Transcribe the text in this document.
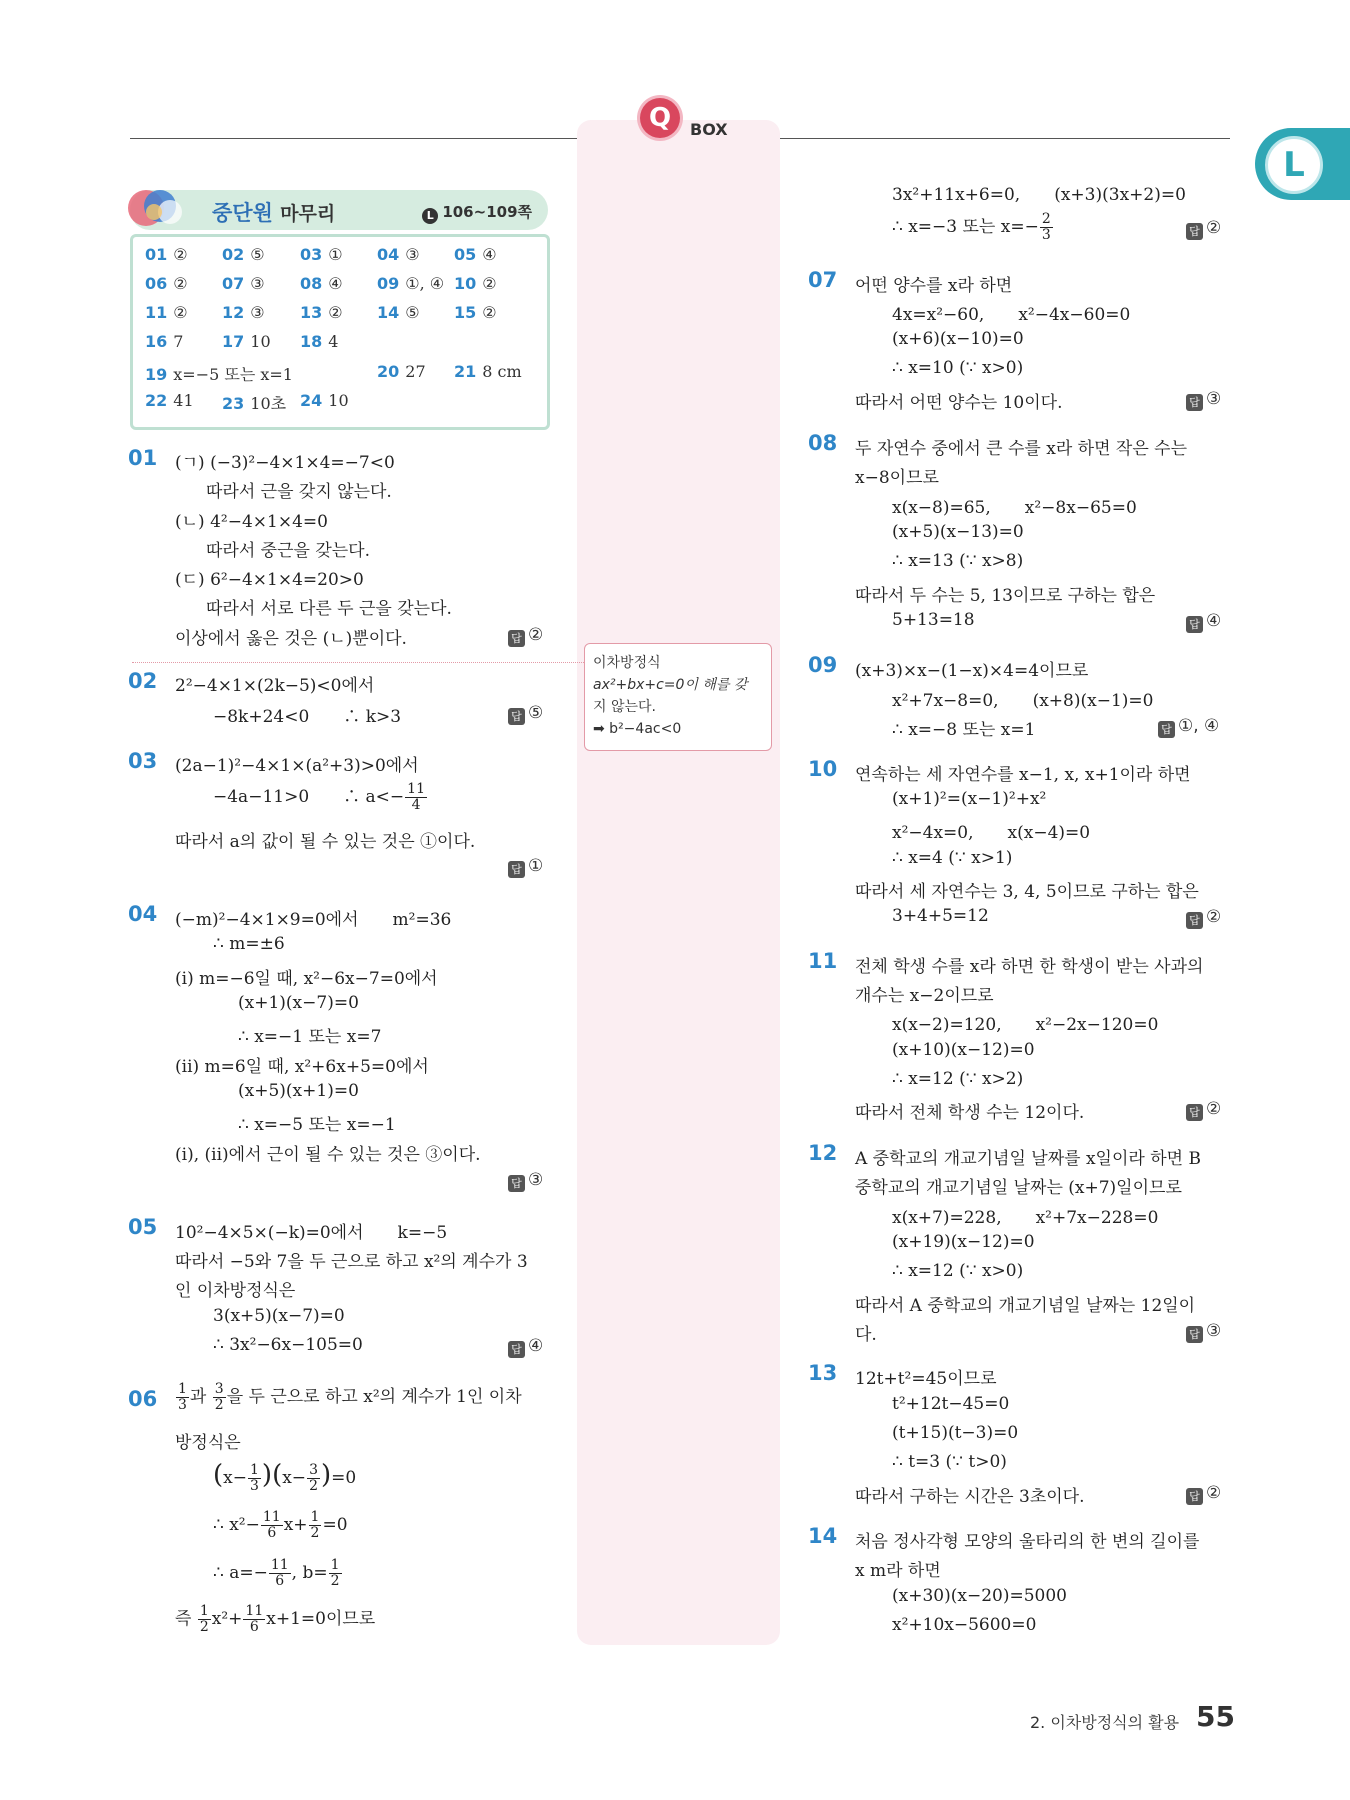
Q	BOX
L
중단원 마무리	L 106~109쪽
01 ② 02 ⑤ 03 ① 04 ③ 05 ④
06 ② 07 ③ 08 ④ 09 ①, ④ 10 ②
11 ② 12 ③ 13 ② 14 ⑤ 15 ②
16 7 17 10 18 4
19 x=−5 또는 x=1	20 27 21 8 cm
22 41 23 10초 24 10
이차방정식
ax²+bx+c=0이 해를 갖
지 않는다.
➡ b²−4ac<0
01 (ㄱ) (−3)²−4×1×4=−7<0
따라서 근을 갖지 않는다.
(ㄴ) 4²−4×1×4=0
따라서 중근을 갖는다.
(ㄷ) 6²−4×1×4=20>0
따라서 서로 다른 두 근을 갖는다.
이상에서 옳은 것은 (ㄴ)뿐이다.	답 ②
02 2²−4×1×(2k−5)<0에서
−8k+24<0　　∴ k>3	답 ⑤
03 (2a−1)²−4×1×(a²+3)>0에서
−4a−11>0　　∴ $a<- \frac{11}{4}$
따라서 a의 값이 될 수 있는 것은 ①이다.
답 ①
04 (−m)²−4×1×9=0에서　　m²=36
∴ m=±6
(i) m=−6일 때, x²−6x−7=0에서
(x+1)(x−7)=0
∴ x=−1 또는 x=7
(ii) m=6일 때, x²+6x+5=0에서
(x+5)(x+1)=0
∴ x=−5 또는 x=−1
(i), (ii)에서 근이 될 수 있는 것은 ③이다.
답 ③
05 10²−4×5×(−k)=0에서　　k=−5
따라서 −5와 7을 두 근으로 하고 x²의 계수가 3
인 이차방정식은
3(x+5)(x−7)=0
∴ 3x²−6x−105=0	답 ④
$06 \frac{1}{3}$ 과 $\frac{3}{2}$ 을 두 근으로 하고 x²의 계수가 1인 이차
방정식은
$(x- \frac{1}{3} )(x- \frac{3}{2} )=0$
∴ $x^2- \frac{11}{6} x+ \frac{1}{2} =0$
∴ $a=- \frac{11}{6}$ , $b= \frac{1}{2}$
즉 $\frac{1}{2} x^2+ \frac{11}{6} x+1=0$이므로
3x²+11x+6=0,　　(x+3)(3x+2)=0
∴ x=−3 또는 $x=- \frac{2}{3}$	답 ②
07 어떤 양수를 x라 하면
4x=x²−60,　　x²−4x−60=0
(x+6)(x−10)=0
∴ x=10 (∵ x>0)
따라서 어떤 양수는 10이다.	답 ③
08 두 자연수 중에서 큰 수를 x라 하면 작은 수는
x−8이므로
x(x−8)=65,　　x²−8x−65=0
(x+5)(x−13)=0
∴ x=13 (∵ x>8)
따라서 두 수는 5, 13이므로 구하는 합은
5+13=18	답 ④
09 (x+3)×x−(1−x)×4=4이므로
x²+7x−8=0,　　(x+8)(x−1)=0
∴ x=−8 또는 x=1	답 ①, ④
10 연속하는 세 자연수를 x−1, x, x+1이라 하면
(x+1)²=(x−1)²+x²
x²−4x=0,　　x(x−4)=0
∴ x=4 (∵ x>1)
따라서 세 자연수는 3, 4, 5이므로 구하는 합은
3+4+5=12	답 ②
11 전체 학생 수를 x라 하면 한 학생이 받는 사과의
개수는 x−2이므로
x(x−2)=120,　　x²−2x−120=0
(x+10)(x−12)=0
∴ x=12 (∵ x>2)
따라서 전체 학생 수는 12이다.	답 ②
12 A 중학교의 개교기념일 날짜를 x일이라 하면 B
중학교의 개교기념일 날짜는 (x+7)일이므로
x(x+7)=228,　　x²+7x−228=0
(x+19)(x−12)=0
∴ x=12 (∵ x>0)
따라서 A 중학교의 개교기념일 날짜는 12일이
다.	답 ③
13 12t+t²=45이므로
t²+12t−45=0
(t+15)(t−3)=0
∴ t=3 (∵ t>0)
따라서 구하는 시간은 3초이다.	답 ②
14 처음 정사각형 모양의 울타리의 한 변의 길이를
x m라 하면
(x+30)(x−20)=5000
x²+10x−5600=0
2. 이차방정식의 활용 55
